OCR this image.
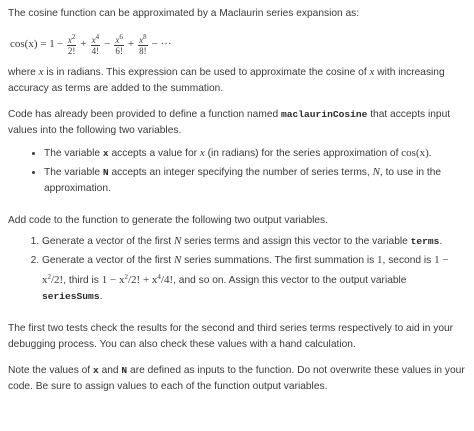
The cosine function can be approximated by a Maclaurin series expansion as:

$\cos(x) = 1 - \frac{x^2}{2!} + \frac{x^4}{4!} - \frac{x^6}{6!} + \frac{x^8}{8!}$ − ···

where x is in radians. This expression can be used to approximate the cosine of x with increasing accuracy as terms are added to the summation.

Code has already been provided to define a function named maclaurinCosine that accepts input values into the following two variables.

• The variable x accepts a value for x (in radians) for the series approximation of cos(x).
• The variable N accepts an integer specifying the number of series terms, N, to use in the approximation.

Add code to the function to generate the following two output variables.

1. Generate a vector of the first N series terms and assign this vector to the variable terms.
2. Generate a vector of the first N series summations. The first summation is 1, second is $1 - x^2/2$!, third is $1 - x^2/2$! + $x^4/4$!, and so on. Assign this vector to the output variable seriesSums.

The first two tests check the results for the second and third series terms respectively to aid in your debugging process. You can also check these values with a hand calculation.

Note the values of x and N are defined as inputs to the function. Do not overwrite these values in your code. Be sure to assign values to each of the function output variables.
